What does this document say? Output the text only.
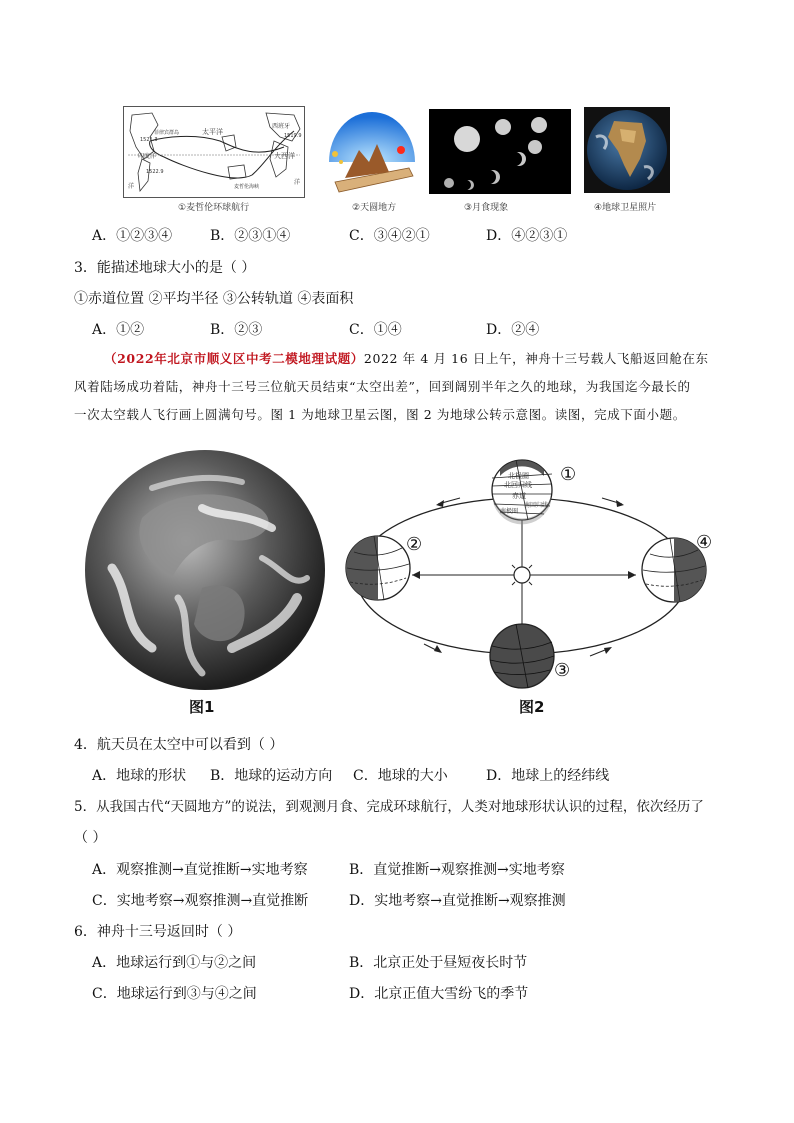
太平洋
大西洋
印度洋
西班牙
菲律宾群岛
麦哲伦海峡
1519.9
1521.3
1522.9
洋
洋
①麦哲伦环球航行	②天圆地方	③月食现象	④地球卫星照片
A．①②③④	B．②③①④	C．③④②①	D．④②③①
3．能描述地球大小的是（ ）
①赤道位置 ②平均半径 ③公转轨道 ④表面积
A．①②	B．②③	C．①④	D．②④
（2022年北京市顺义区中考二模地理试题）2022 年 4 月 16 日上午，神舟十三号载人飞船返回舱在东
风着陆场成功着陆，神舟十三号三位航天员结束“太空出差”，回到阔别半年之久的地球，为我国迄今最长的
一次太空载人飞行画上圆满句号。图 1 为地球卫星云图，图 2 为地球公转示意图。读图，完成下面小题。
图1
①
②
③
④
北极圈
北回归线
赤道
南回归线
南极圈
图2
4．航天员在太空中可以看到（ ）
A．地球的形状 B．地球的运动方向 C．地球的大小	D．地球上的经纬线
5．从我国古代“天圆地方”的说法，到观测月食、完成环球航行，人类对地球形状认识的过程，依次经历了
（ ）
A．观察推测→直觉推断→实地考察	B．直觉推断→观察推测→实地考察
C．实地考察→观察推测→直觉推断	D．实地考察→直觉推断→观察推测
6．神舟十三号返回时（ ）
A．地球运行到①与②之间	B．北京正处于昼短夜长时节
C．地球运行到③与④之间	D．北京正值大雪纷飞的季节
